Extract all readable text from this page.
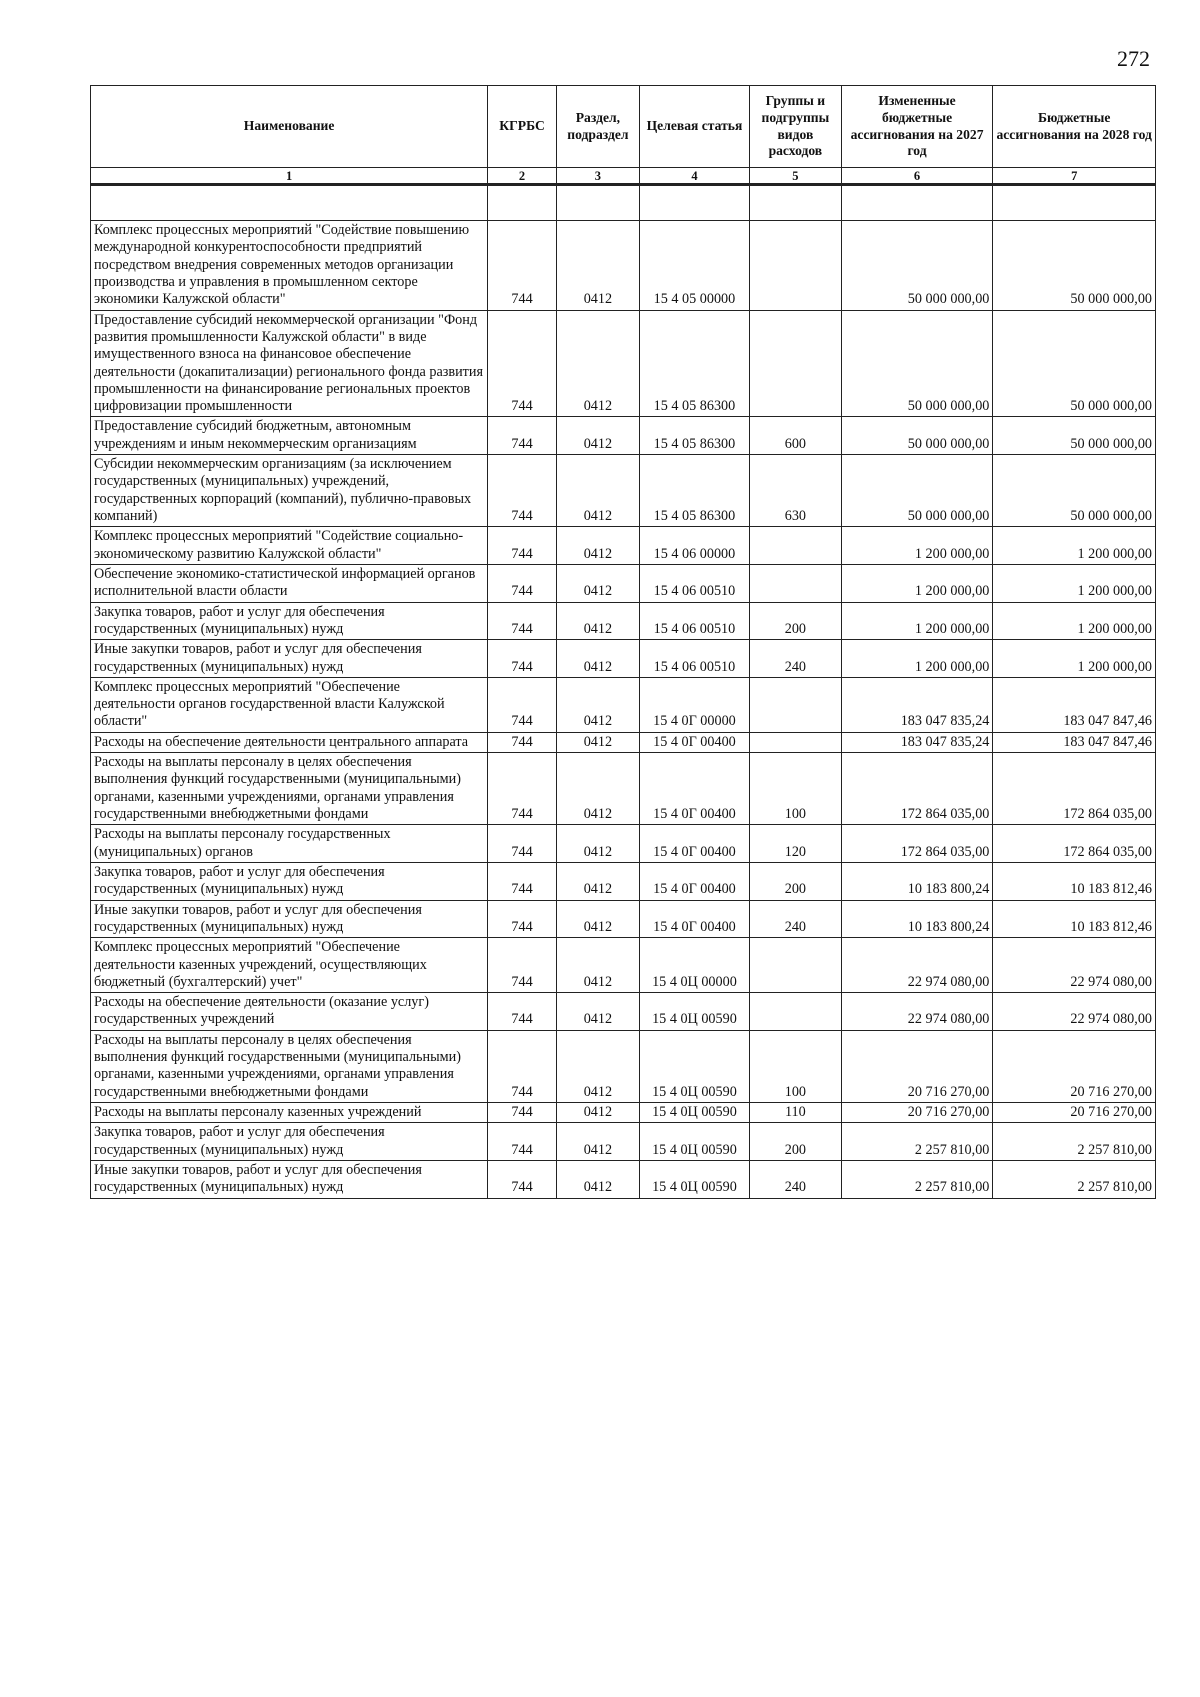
272
Наименование	КГРБС	Раздел, подраздел	Целевая статья	Группы и подгруппы видов расходов	Измененные бюджетные ассигнования на 2027 год	Бюджетные ассигнования на 2028 год
1	2	3	4	5	6	7

Комплекс процессных мероприятий "Содействие повышению международной конкурентоспособности предприятий посредством внедрения современных методов организации производства и управления в промышленном секторе экономики Калужской области"	744	0412	15 4 05 00000		50 000 000,00	50 000 000,00
Предоставление субсидий некоммерческой организации "Фонд развития промышленности Калужской области" в виде имущественного взноса на финансовое обеспечение деятельности (докапитализации) регионального фонда развития промышленности на финансирование региональных проектов цифровизации промышленности	744	0412	15 4 05 86300		50 000 000,00	50 000 000,00
Предоставление субсидий бюджетным, автономным учреждениям и иным некоммерческим организациям	744	0412	15 4 05 86300	600	50 000 000,00	50 000 000,00
Субсидии некоммерческим организациям (за исключением государственных (муниципальных) учреждений, государственных корпораций (компаний), публично-правовых компаний)	744	0412	15 4 05 86300	630	50 000 000,00	50 000 000,00
Комплекс процессных мероприятий "Содействие социально-экономическому развитию Калужской области"	744	0412	15 4 06 00000		1 200 000,00	1 200 000,00
Обеспечение экономико-статистической информацией органов исполнительной власти области	744	0412	15 4 06 00510		1 200 000,00	1 200 000,00
Закупка товаров, работ и услуг для обеспечения государственных (муниципальных) нужд	744	0412	15 4 06 00510	200	1 200 000,00	1 200 000,00
Иные закупки товаров, работ и услуг для обеспечения государственных (муниципальных) нужд	744	0412	15 4 06 00510	240	1 200 000,00	1 200 000,00
Комплекс процессных мероприятий "Обеспечение деятельности органов государственной власти Калужской области"	744	0412	15 4 0Г 00000		183 047 835,24	183 047 847,46
Расходы на обеспечение деятельности центрального аппарата	744	0412	15 4 0Г 00400		183 047 835,24	183 047 847,46
Расходы на выплаты персоналу в целях обеспечения выполнения функций государственными (муниципальными) органами, казенными учреждениями, органами управления государственными внебюджетными фондами	744	0412	15 4 0Г 00400	100	172 864 035,00	172 864 035,00
Расходы на выплаты персоналу государственных (муниципальных) органов	744	0412	15 4 0Г 00400	120	172 864 035,00	172 864 035,00
Закупка товаров, работ и услуг для обеспечения государственных (муниципальных) нужд	744	0412	15 4 0Г 00400	200	10 183 800,24	10 183 812,46
Иные закупки товаров, работ и услуг для обеспечения государственных (муниципальных) нужд	744	0412	15 4 0Г 00400	240	10 183 800,24	10 183 812,46
Комплекс процессных мероприятий "Обеспечение деятельности казенных учреждений, осуществляющих бюджетный (бухгалтерский) учет"	744	0412	15 4 0Ц 00000		22 974 080,00	22 974 080,00
Расходы на обеспечение деятельности (оказание услуг) государственных учреждений	744	0412	15 4 0Ц 00590		22 974 080,00	22 974 080,00
Расходы на выплаты персоналу в целях обеспечения выполнения функций государственными (муниципальными) органами, казенными учреждениями, органами управления государственными внебюджетными фондами	744	0412	15 4 0Ц 00590	100	20 716 270,00	20 716 270,00
Расходы на выплаты персоналу казенных учреждений	744	0412	15 4 0Ц 00590	110	20 716 270,00	20 716 270,00
Закупка товаров, работ и услуг для обеспечения государственных (муниципальных) нужд	744	0412	15 4 0Ц 00590	200	2 257 810,00	2 257 810,00
Иные закупки товаров, работ и услуг для обеспечения государственных (муниципальных) нужд	744	0412	15 4 0Ц 00590	240	2 257 810,00	2 257 810,00
